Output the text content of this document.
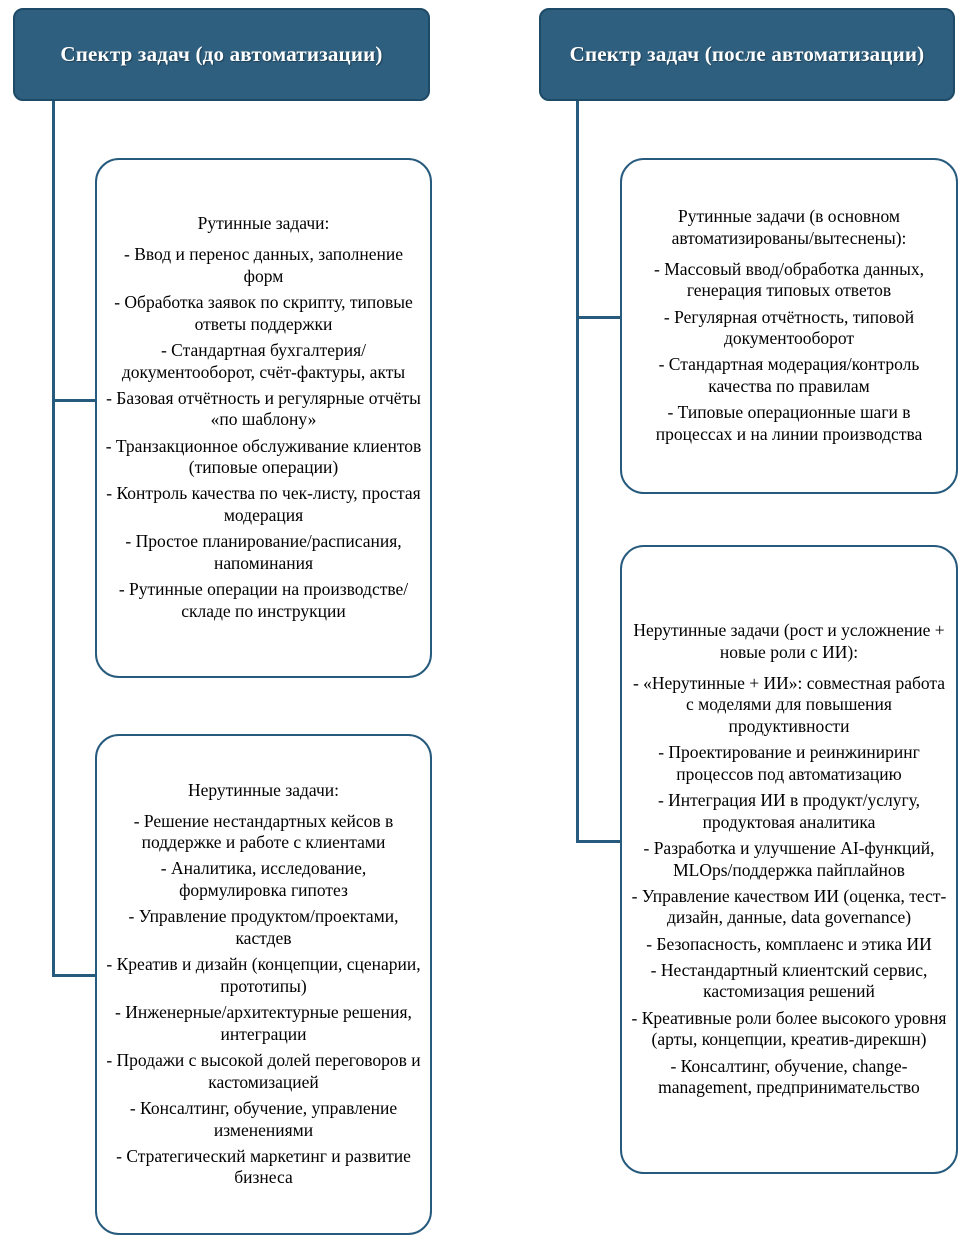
Спектр задач (до автоматизации)	Спектр задач (после автоматизации)

Рутинные задачи:

- Ввод и перенос данных, заполнение форм

- Обработка заявок по скрипту, типовые ответы поддержки

- Стандартная бухгалтерия/документооборот, счёт-фактуры, акты

- Базовая отчётность и регулярные отчёты «по шаблону»

- Транзакционное обслуживание клиентов (типовые операции)

- Контроль качества по чек-листу, простая модерация

- Простое планирование/расписания, напоминания

- Рутинные операции на производстве/складе по инструкции

Нерутинные задачи:

- Решение нестандартных кейсов в поддержке и работе с клиентами

- Аналитика, исследование, формулировка гипотез

- Управление продуктом/проектами, кастдев

- Креатив и дизайн (концепции, сценарии, прототипы)

- Инженерные/архитектурные решения, интеграции

- Продажи с высокой долей переговоров и кастомизацией

- Консалтинг, обучение, управление изменениями

- Стратегический маркетинг и развитие бизнеса

Рутинные задачи (в основном автоматизированы/вытеснены):

- Массовый ввод/обработка данных, генерация типовых ответов

- Регулярная отчётность, типовой документооборот

- Стандартная модерация/контроль качества по правилам

- Типовые операционные шаги в процессах и на линии производства

Нерутинные задачи (рост и усложнение + новые роли с ИИ):

- «Нерутинные + ИИ»: совместная работа с моделями для повышения продуктивности

- Проектирование и реинжиниринг процессов под автоматизацию

- Интеграция ИИ в продукт/услугу, продуктовая аналитика

- Разработка и улучшение AI-функций, MLOps/поддержка пайплайнов

- Управление качеством ИИ (оценка, тест-дизайн, данные, data governance)

- Безопасность, комплаенс и этика ИИ

- Нестандартный клиентский сервис, кастомизация решений

- Креативные роли более высокого уровня (арты, концепции, креатив-дирекшн)

- Консалтинг, обучение, change-management, предпринимательство
